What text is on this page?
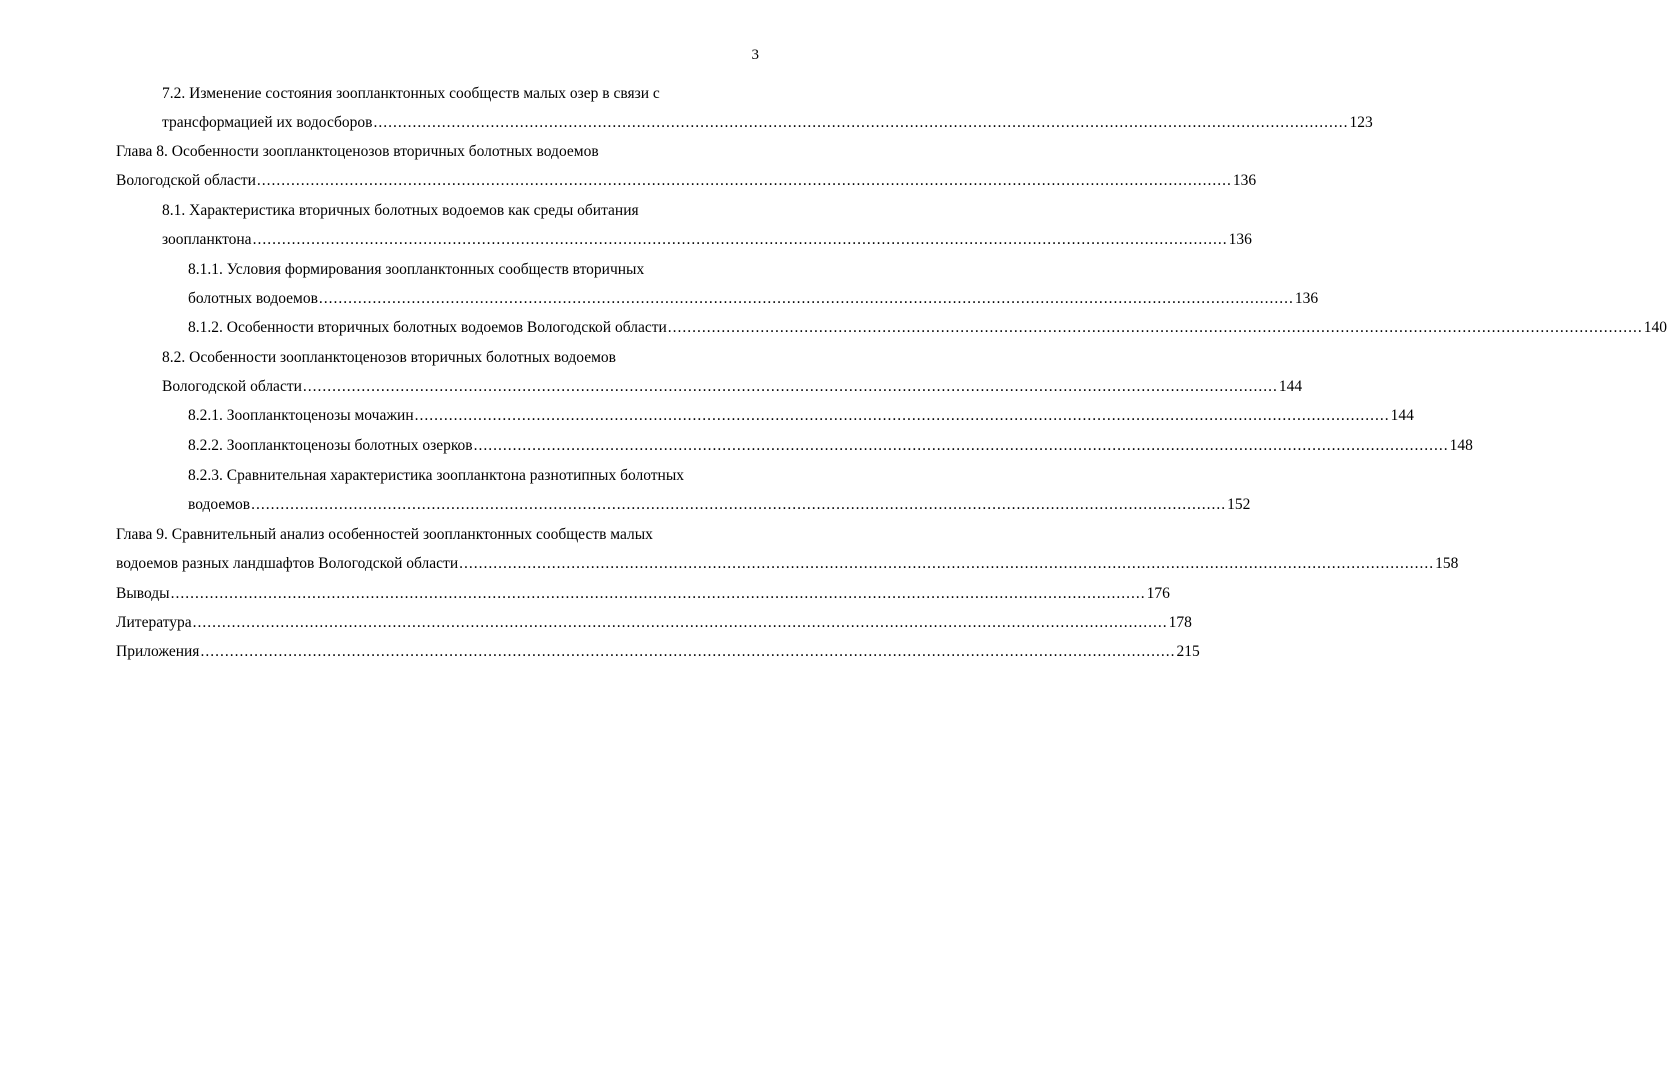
3
7.2. Изменение состояния зоопланктонных сообществ малых озер в связи с
трансформацией их водосборов ........................................................................................................................................................................................................ 123
Глава 8. Особенности зоопланктоценозов вторичных болотных водоемов
Вологодской области ........................................................................................................................................................................................................ 136
8.1. Характеристика вторичных болотных водоемов как среды обитания
зоопланктона ........................................................................................................................................................................................................ 136
8.1.1. Условия формирования зоопланктонных сообществ вторичных
болотных водоемов ........................................................................................................................................................................................................ 136
8.1.2. Особенности вторичных болотных водоемов Вологодской области ........................................................................................................................................................................................................ 140
8.2. Особенности зоопланктоценозов вторичных болотных водоемов
Вологодской области ........................................................................................................................................................................................................ 144
8.2.1. Зоопланктоценозы мочажин ........................................................................................................................................................................................................ 144
8.2.2. Зоопланктоценозы болотных озерков ........................................................................................................................................................................................................ 148
8.2.3. Сравнительная характеристика зоопланктона разнотипных болотных
водоемов ........................................................................................................................................................................................................ 152
Глава 9. Сравнительный анализ особенностей зоопланктонных сообществ малых
водоемов разных ландшафтов Вологодской области ........................................................................................................................................................................................................ 158
Выводы ........................................................................................................................................................................................................ 176
Литература ........................................................................................................................................................................................................ 178
Приложения ........................................................................................................................................................................................................ 215
